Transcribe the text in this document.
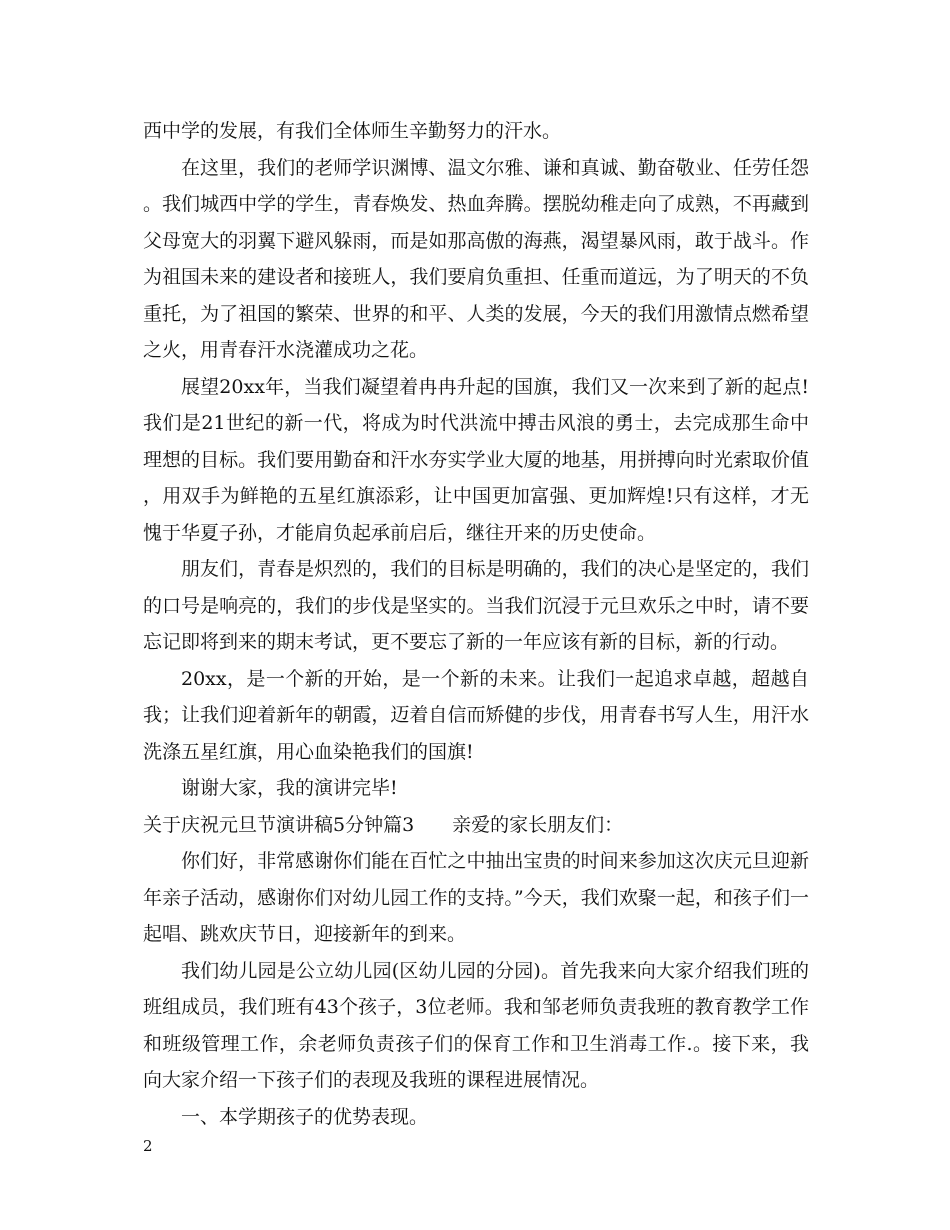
西中学的发展，有我们全体师生辛勤努力的汗水。

在这里，我们的老师学识渊博、温文尔雅、谦和真诚、勤奋敬业、任劳任怨。我们城西中学的学生，青春焕发、热血奔腾。摆脱幼稚走向了成熟，不再藏到父母宽大的羽翼下避风躲雨，而是如那高傲的海燕，渴望暴风雨，敢于战斗。作为祖国未来的建设者和接班人，我们要肩负重担、任重而道远，为了明天的不负重托，为了祖国的繁荣、世界的和平、人类的发展，今天的我们用激情点燃希望之火，用青春汗水浇灌成功之花。

展望20xx年，当我们凝望着冉冉升起的国旗，我们又一次来到了新的起点!我们是21世纪的新一代，将成为时代洪流中搏击风浪的勇士，去完成那生命中理想的目标。我们要用勤奋和汗水夯实学业大厦的地基，用拼搏向时光索取价值，用双手为鲜艳的五星红旗添彩，让中国更加富强、更加辉煌!只有这样，才无愧于华夏子孙，才能肩负起承前启后，继往开来的历史使命。

朋友们，青春是炽烈的，我们的目标是明确的，我们的决心是坚定的，我们的口号是响亮的，我们的步伐是坚实的。当我们沉浸于元旦欢乐之中时，请不要忘记即将到来的期末考试，更不要忘了新的一年应该有新的目标，新的行动。

20xx，是一个新的开始，是一个新的未来。让我们一起追求卓越，超越自我；让我们迎着新年的朝霞，迈着自信而矫健的步伐，用青春书写人生，用汗水洗涤五星红旗，用心血染艳我们的国旗!

谢谢大家，我的演讲完毕!

关于庆祝元旦节演讲稿5分钟篇3　　亲爱的家长朋友们：

你们好，非常感谢你们能在百忙之中抽出宝贵的时间来参加这次庆元旦迎新年亲子活动，感谢你们对幼儿园工作的支持。”今天，我们欢聚一起，和孩子们一起唱、跳欢庆节日，迎接新年的到来。

我们幼儿园是公立幼儿园(区幼儿园的分园)。首先我来向大家介绍我们班的班组成员，我们班有43个孩子，3位老师。我和邹老师负责我班的教育教学工作和班级管理工作，余老师负责孩子们的保育工作和卫生消毒工作.。接下来，我向大家介绍一下孩子们的表现及我班的课程进展情况。

一、本学期孩子的优势表现。

2
